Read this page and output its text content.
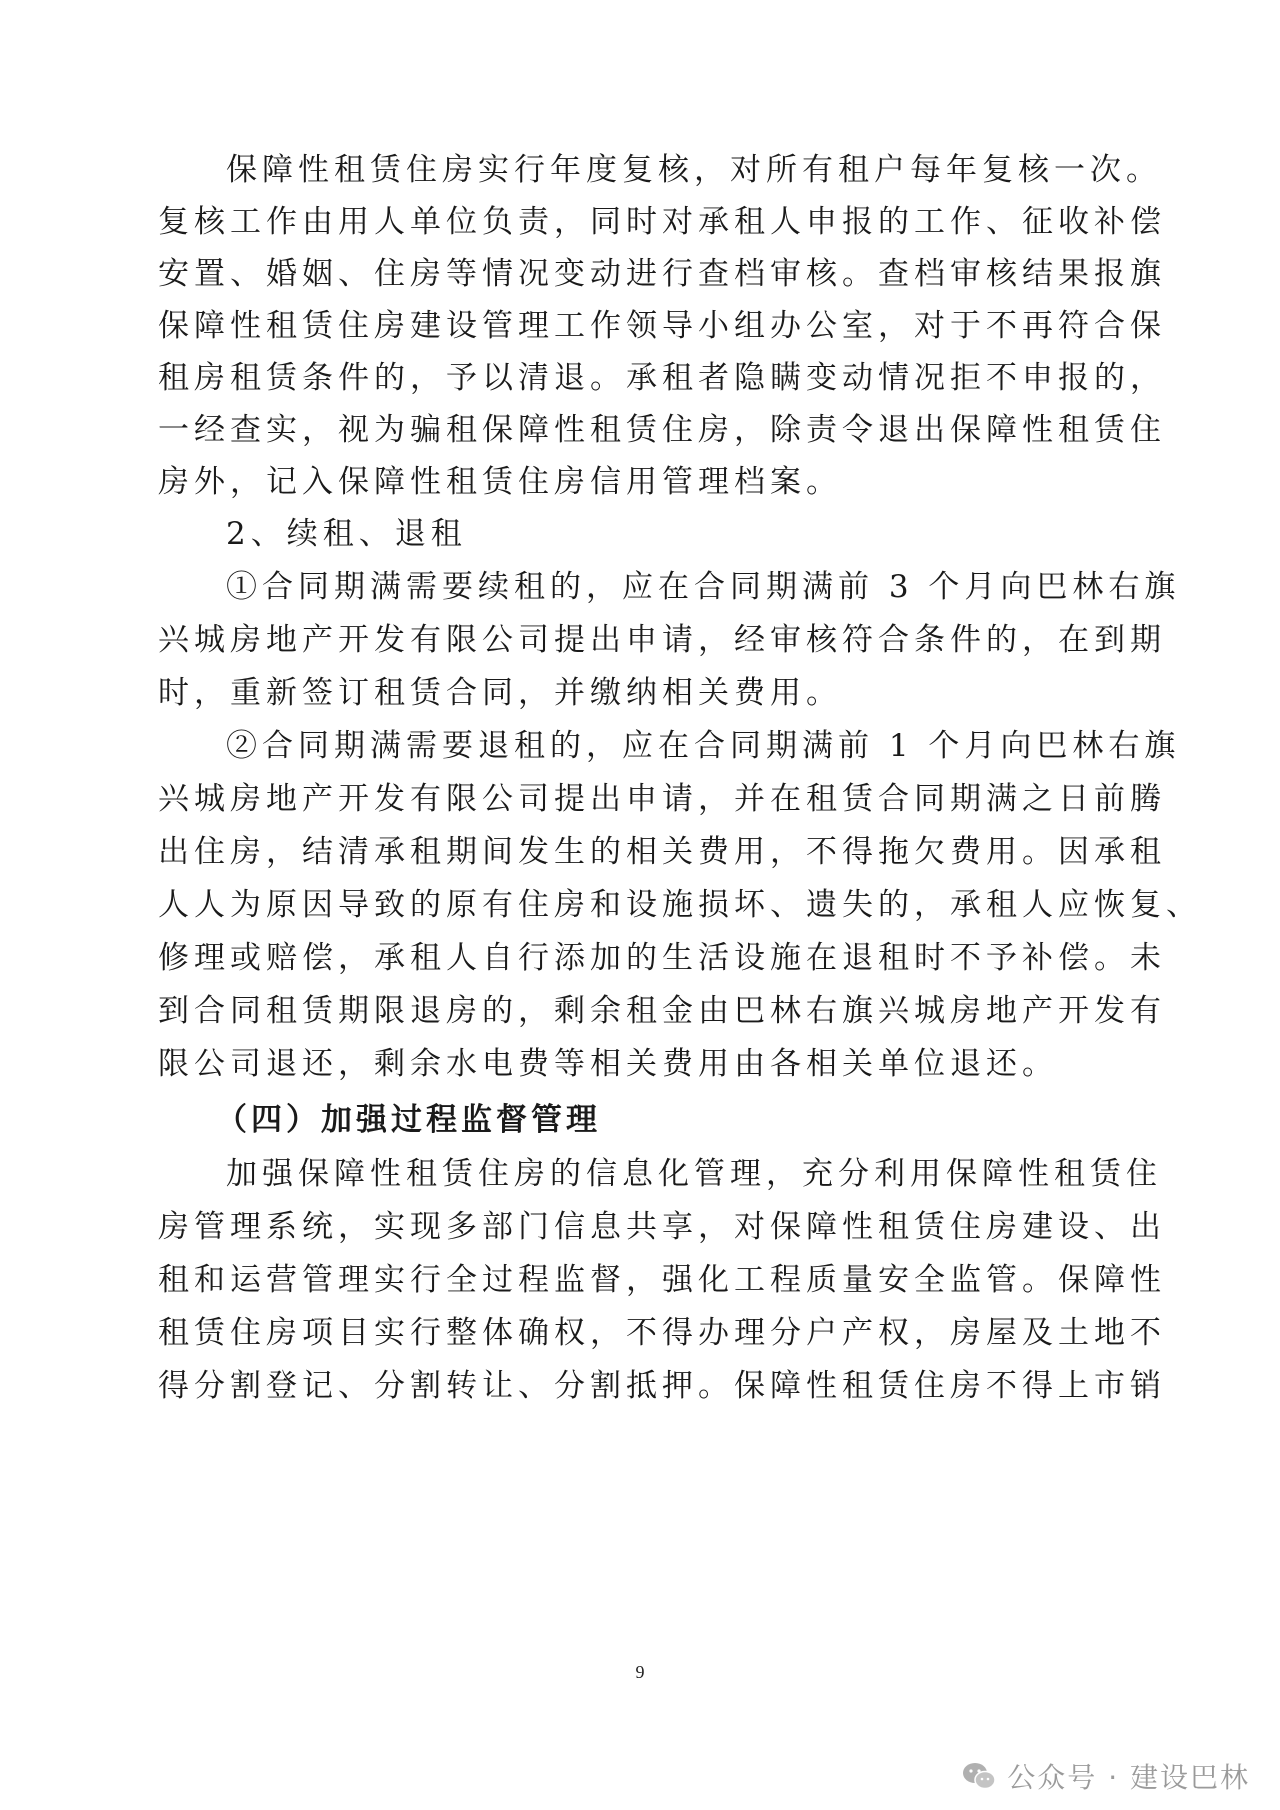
保障性租赁住房实行年度复核，对所有租户每年复核一次。
复核工作由用人单位负责，同时对承租人申报的工作、征收补偿
安置、婚姻、住房等情况变动进行查档审核。查档审核结果报旗
保障性租赁住房建设管理工作领导小组办公室，对于不再符合保
租房租赁条件的，予以清退。承租者隐瞒变动情况拒不申报的，
一经查实，视为骗租保障性租赁住房，除责令退出保障性租赁住
房外，记入保障性租赁住房信用管理档案。
2、续租、退租
①合同期满需要续租的，应在合同期满前 3 个月向巴林右旗
兴城房地产开发有限公司提出申请，经审核符合条件的，在到期
时，重新签订租赁合同，并缴纳相关费用。
②合同期满需要退租的，应在合同期满前 1 个月向巴林右旗
兴城房地产开发有限公司提出申请，并在租赁合同期满之日前腾
出住房，结清承租期间发生的相关费用，不得拖欠费用。因承租
人人为原因导致的原有住房和设施损坏、遗失的，承租人应恢复、
修理或赔偿，承租人自行添加的生活设施在退租时不予补偿。未
到合同租赁期限退房的，剩余租金由巴林右旗兴城房地产开发有
限公司退还，剩余水电费等相关费用由各相关单位退还。
（四）加强过程监督管理
加强保障性租赁住房的信息化管理，充分利用保障性租赁住
房管理系统，实现多部门信息共享，对保障性租赁住房建设、出
租和运营管理实行全过程监督，强化工程质量安全监管。保障性
租赁住房项目实行整体确权，不得办理分户产权，房屋及土地不
得分割登记、分割转让、分割抵押。保障性租赁住房不得上市销
9
公众号 · 建设巴林
